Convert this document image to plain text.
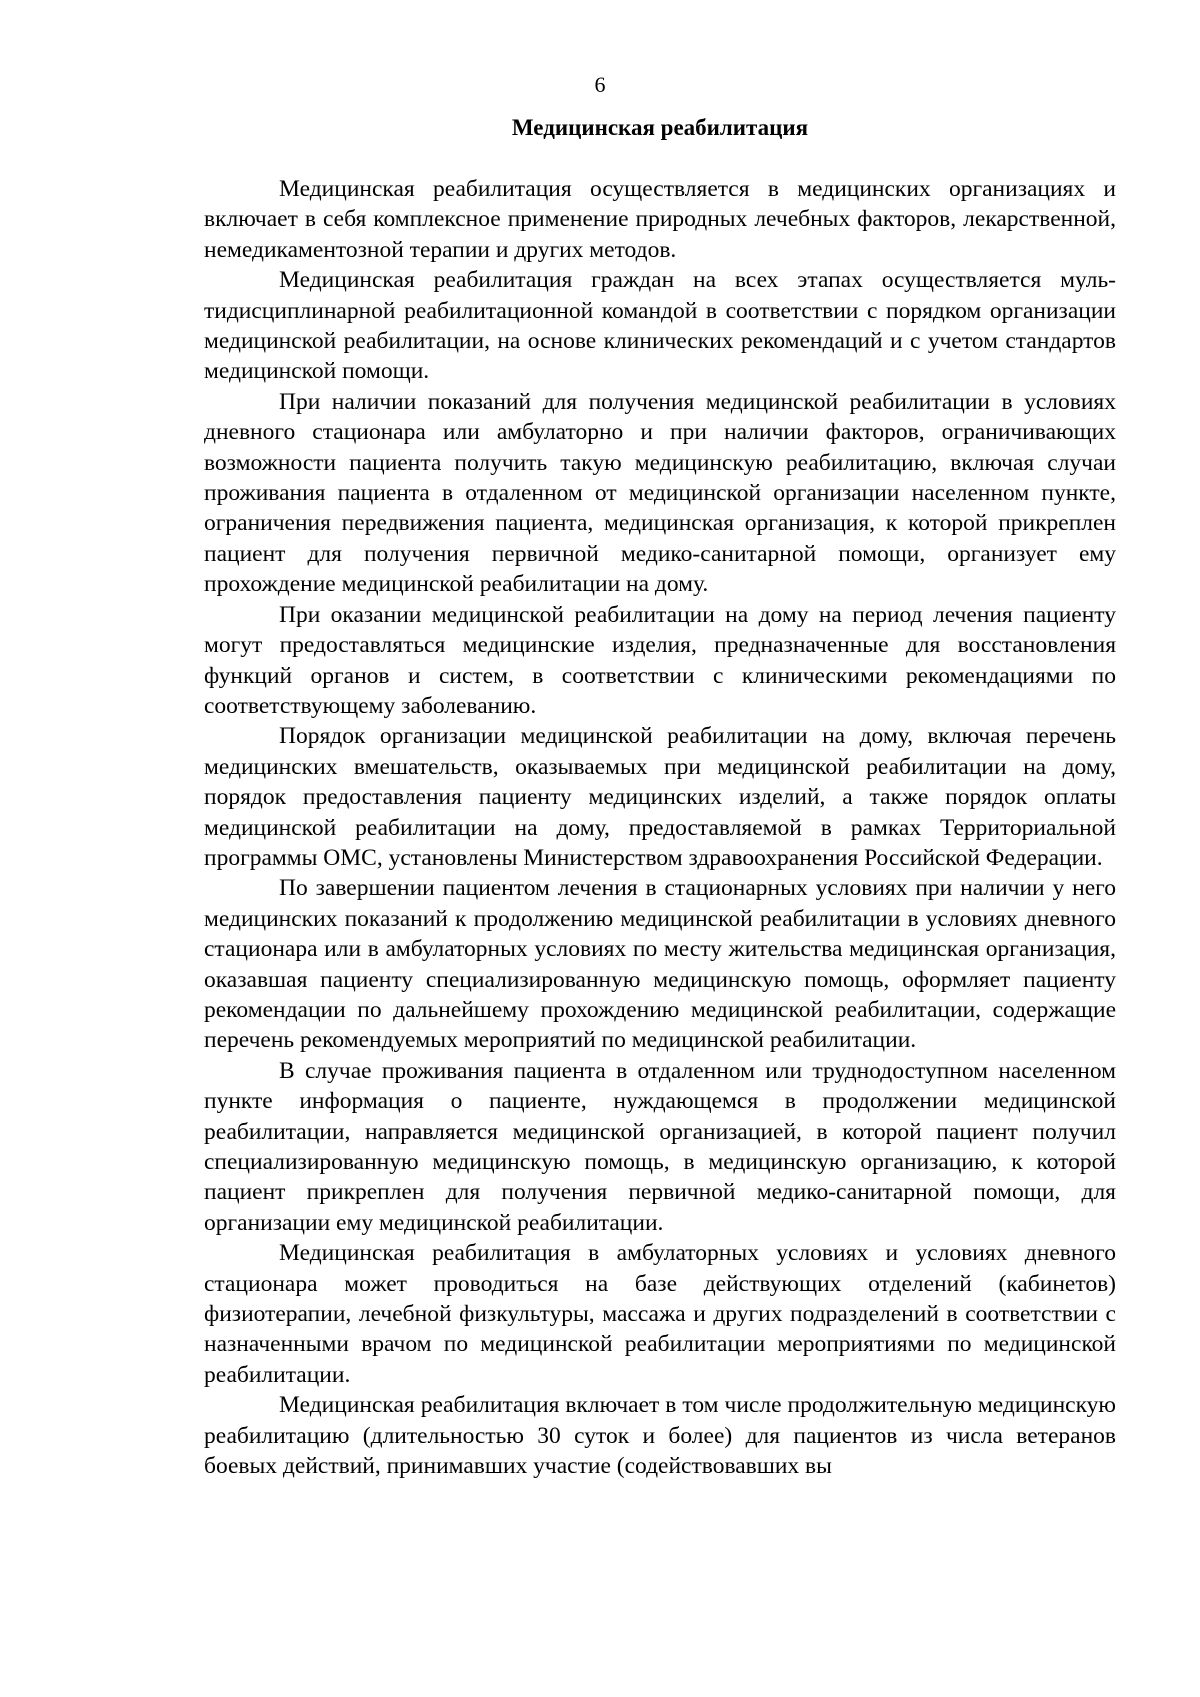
6
Медицинская реабилитация

Медицинская реабилитация осуществляется в медицинских организациях и включает в себя комплексное применение природных лечебных факторов, лекарственной, немедикаментозной терапии и других методов.

Медицинская реабилитация граждан на всех этапах осуществляется мультидисциплинарной реабилитационной командой в соответствии с порядком организации медицинской реабилитации, на основе клинических рекомендаций и с учетом стандартов медицинской помощи.

При наличии показаний для получения медицинской реабилитации в условиях дневного стационара или амбулаторно и при наличии факторов, ограничивающих возможности пациента получить такую медицинскую реабилитацию, включая случаи проживания пациента в отдаленном от медицинской организации населенном пункте, ограничения передвижения пациента, медицинская организация, к которой прикреплен пациент для получения первичной медико-санитарной помощи, организует ему прохождение медицинской реабилитации на дому.

При оказании медицинской реабилитации на дому на период лечения пациенту могут предоставляться медицинские изделия, предназначенные для восстановления функций органов и систем, в соответствии с клиническими рекомендациями по соответствующему заболеванию.

Порядок организации медицинской реабилитации на дому, включая перечень медицинских вмешательств, оказываемых при медицинской реабилитации на дому, порядок предоставления пациенту медицинских изделий, а также порядок оплаты медицинской реабилитации на дому, предоставляемой в рамках Территориальной программы ОМС, установлены Министерством здравоохранения Российской Федерации.

По завершении пациентом лечения в стационарных условиях при наличии у него медицинских показаний к продолжению медицинской реабилитации в условиях дневного стационара или в амбулаторных условиях по месту жительства медицинская организация, оказавшая пациенту специализированную медицинскую помощь, оформляет пациенту рекомендации по дальнейшему прохождению медицинской реабилитации, содержащие перечень рекомендуемых мероприятий по медицинской реабилитации.

В случае проживания пациента в отдаленном или труднодоступном населенном пункте информация о пациенте, нуждающемся в продолжении медицинской реабилитации, направляется медицинской организацией, в которой пациент получил специализированную медицинскую помощь, в медицинскую организацию, к которой пациент прикреплен для получения первичной медико-санитарной помощи, для организации ему медицинской реабилитации.

Медицинская реабилитация в амбулаторных условиях и условиях дневного стационара может проводиться на базе действующих отделений (кабинетов) физиотерапии, лечебной физкультуры, массажа и других подразделений в соответствии с назначенными врачом по медицинской реабилитации мероприятиями по медицинской реабилитации.

Медицинская реабилитация включает в том числе продолжительную медицинскую реабилитацию (длительностью 30 суток и более) для пациентов из числа ветеранов боевых действий, принимавших участие (содействовавших вы
